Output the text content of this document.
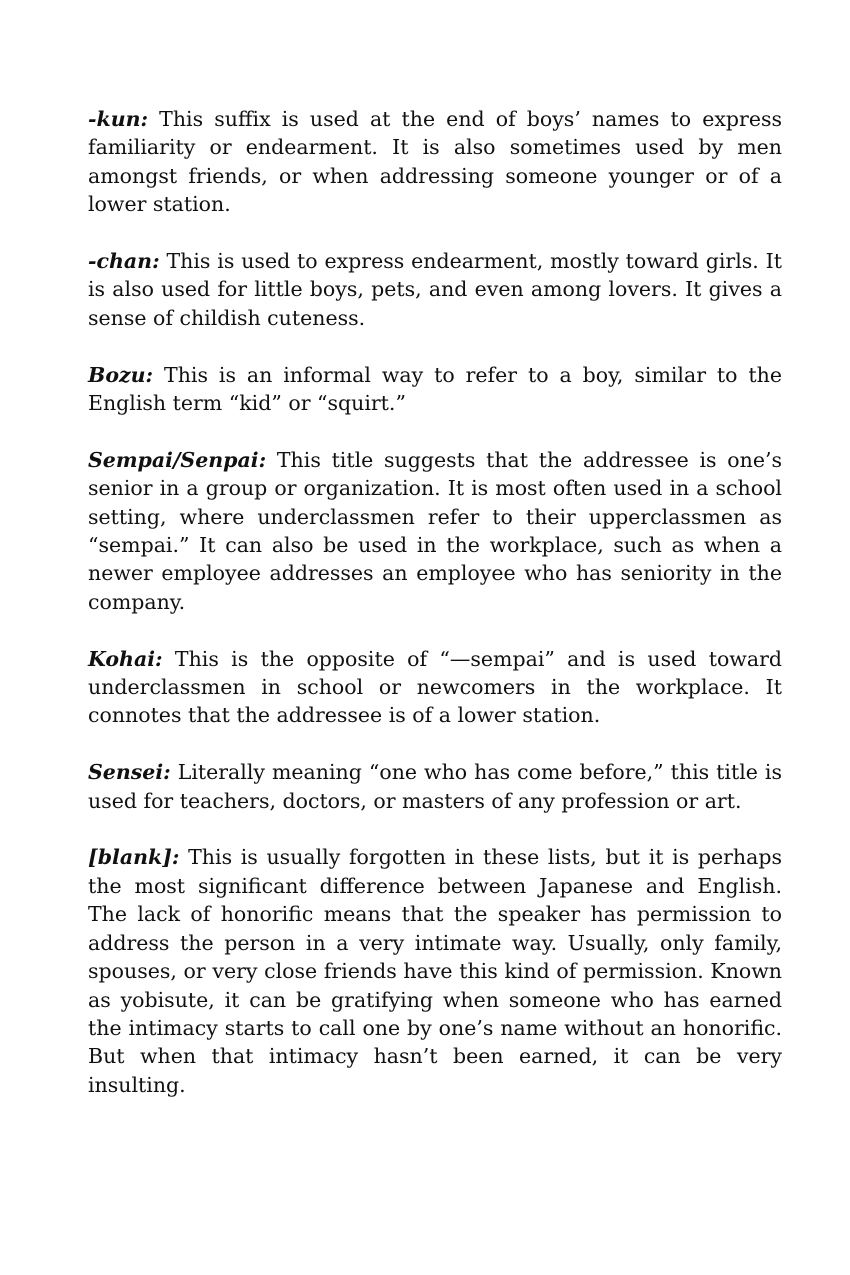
-kun: This suffix is used at the end of boys’ names to express familiarity or endearment. It is also sometimes used by men amongst friends, or when addressing someone younger or of a lower station.

-chan: This is used to express endearment, mostly toward girls. It is also used for little boys, pets, and even among lovers. It gives a sense of childish cuteness.

Bozu: This is an informal way to refer to a boy, similar to the English term “kid” or “squirt.”

Sempai/Senpai: This title suggests that the addressee is one’s senior in a group or organization. It is most often used in a school setting, where underclassmen refer to their upperclassmen as “sempai.” It can also be used in the workplace, such as when a newer employee addresses an employee who has seniority in the company.

Kohai: This is the opposite of “—sempai” and is used toward underclassmen in school or newcomers in the workplace. It connotes that the addressee is of a lower station.

Sensei: Literally meaning “one who has come before,” this title is used for teachers, doctors, or masters of any profession or art.

[blank]: This is usually forgotten in these lists, but it is perhaps the most significant difference between Japanese and English. The lack of honorific means that the speaker has permission to address the person in a very intimate way. Usually, only family, spouses, or very close friends have this kind of permission. Known as yobisute, it can be gratifying when someone who has earned the intimacy starts to call one by one’s name without an honorific. But when that intimacy hasn’t been earned, it can be very insulting.
